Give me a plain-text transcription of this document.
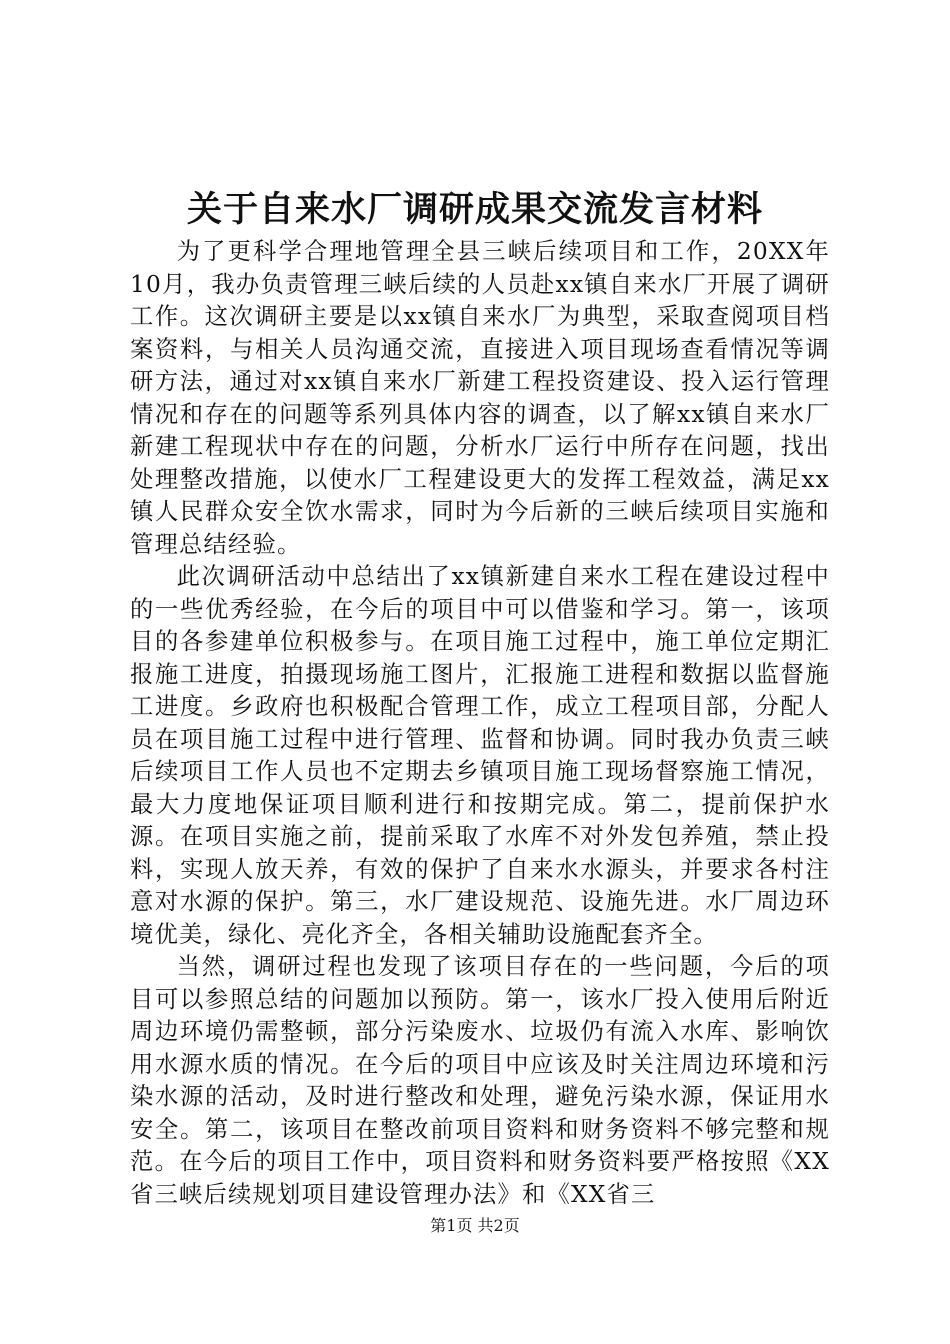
关于自来水厂调研成果交流发言材料

为了更科学合理地管理全县三峡后续项目和工作，20XX年10月，我办负责管理三峡后续的人员赴xx镇自来水厂开展了调研工作。这次调研主要是以xx镇自来水厂为典型，采取查阅项目档案资料，与相关人员沟通交流，直接进入项目现场查看情况等调研方法，通过对xx镇自来水厂新建工程投资建设、投入运行管理情况和存在的问题等系列具体内容的调查，以了解xx镇自来水厂新建工程现状中存在的问题，分析水厂运行中所存在问题，找出处理整改措施，以使水厂工程建设更大的发挥工程效益，满足xx镇人民群众安全饮水需求，同时为今后新的三峡后续项目实施和管理总结经验。

此次调研活动中总结出了xx镇新建自来水工程在建设过程中的一些优秀经验，在今后的项目中可以借鉴和学习。第一，该项目的各参建单位积极参与。在项目施工过程中，施工单位定期汇报施工进度，拍摄现场施工图片，汇报施工进程和数据以监督施工进度。乡政府也积极配合管理工作，成立工程项目部，分配人员在项目施工过程中进行管理、监督和协调。同时我办负责三峡后续项目工作人员也不定期去乡镇项目施工现场督察施工情况，最大力度地保证项目顺利进行和按期完成。第二，提前保护水源。在项目实施之前，提前采取了水库不对外发包养殖，禁止投料，实现人放天养，有效的保护了自来水水源头，并要求各村注意对水源的保护。第三，水厂建设规范、设施先进。水厂周边环境优美，绿化、亮化齐全，各相关辅助设施配套齐全。

当然，调研过程也发现了该项目存在的一些问题，今后的项目可以参照总结的问题加以预防。第一，该水厂投入使用后附近周边环境仍需整顿，部分污染废水、垃圾仍有流入水库、影响饮用水源水质的情况。在今后的项目中应该及时关注周边环境和污染水源的活动，及时进行整改和处理，避免污染水源，保证用水安全。第二，该项目在整改前项目资料和财务资料不够完整和规范。在今后的项目工作中，项目资料和财务资料要严格按照《XX省三峡后续规划项目建设管理办法》和《XX省三

第1页 共2页
